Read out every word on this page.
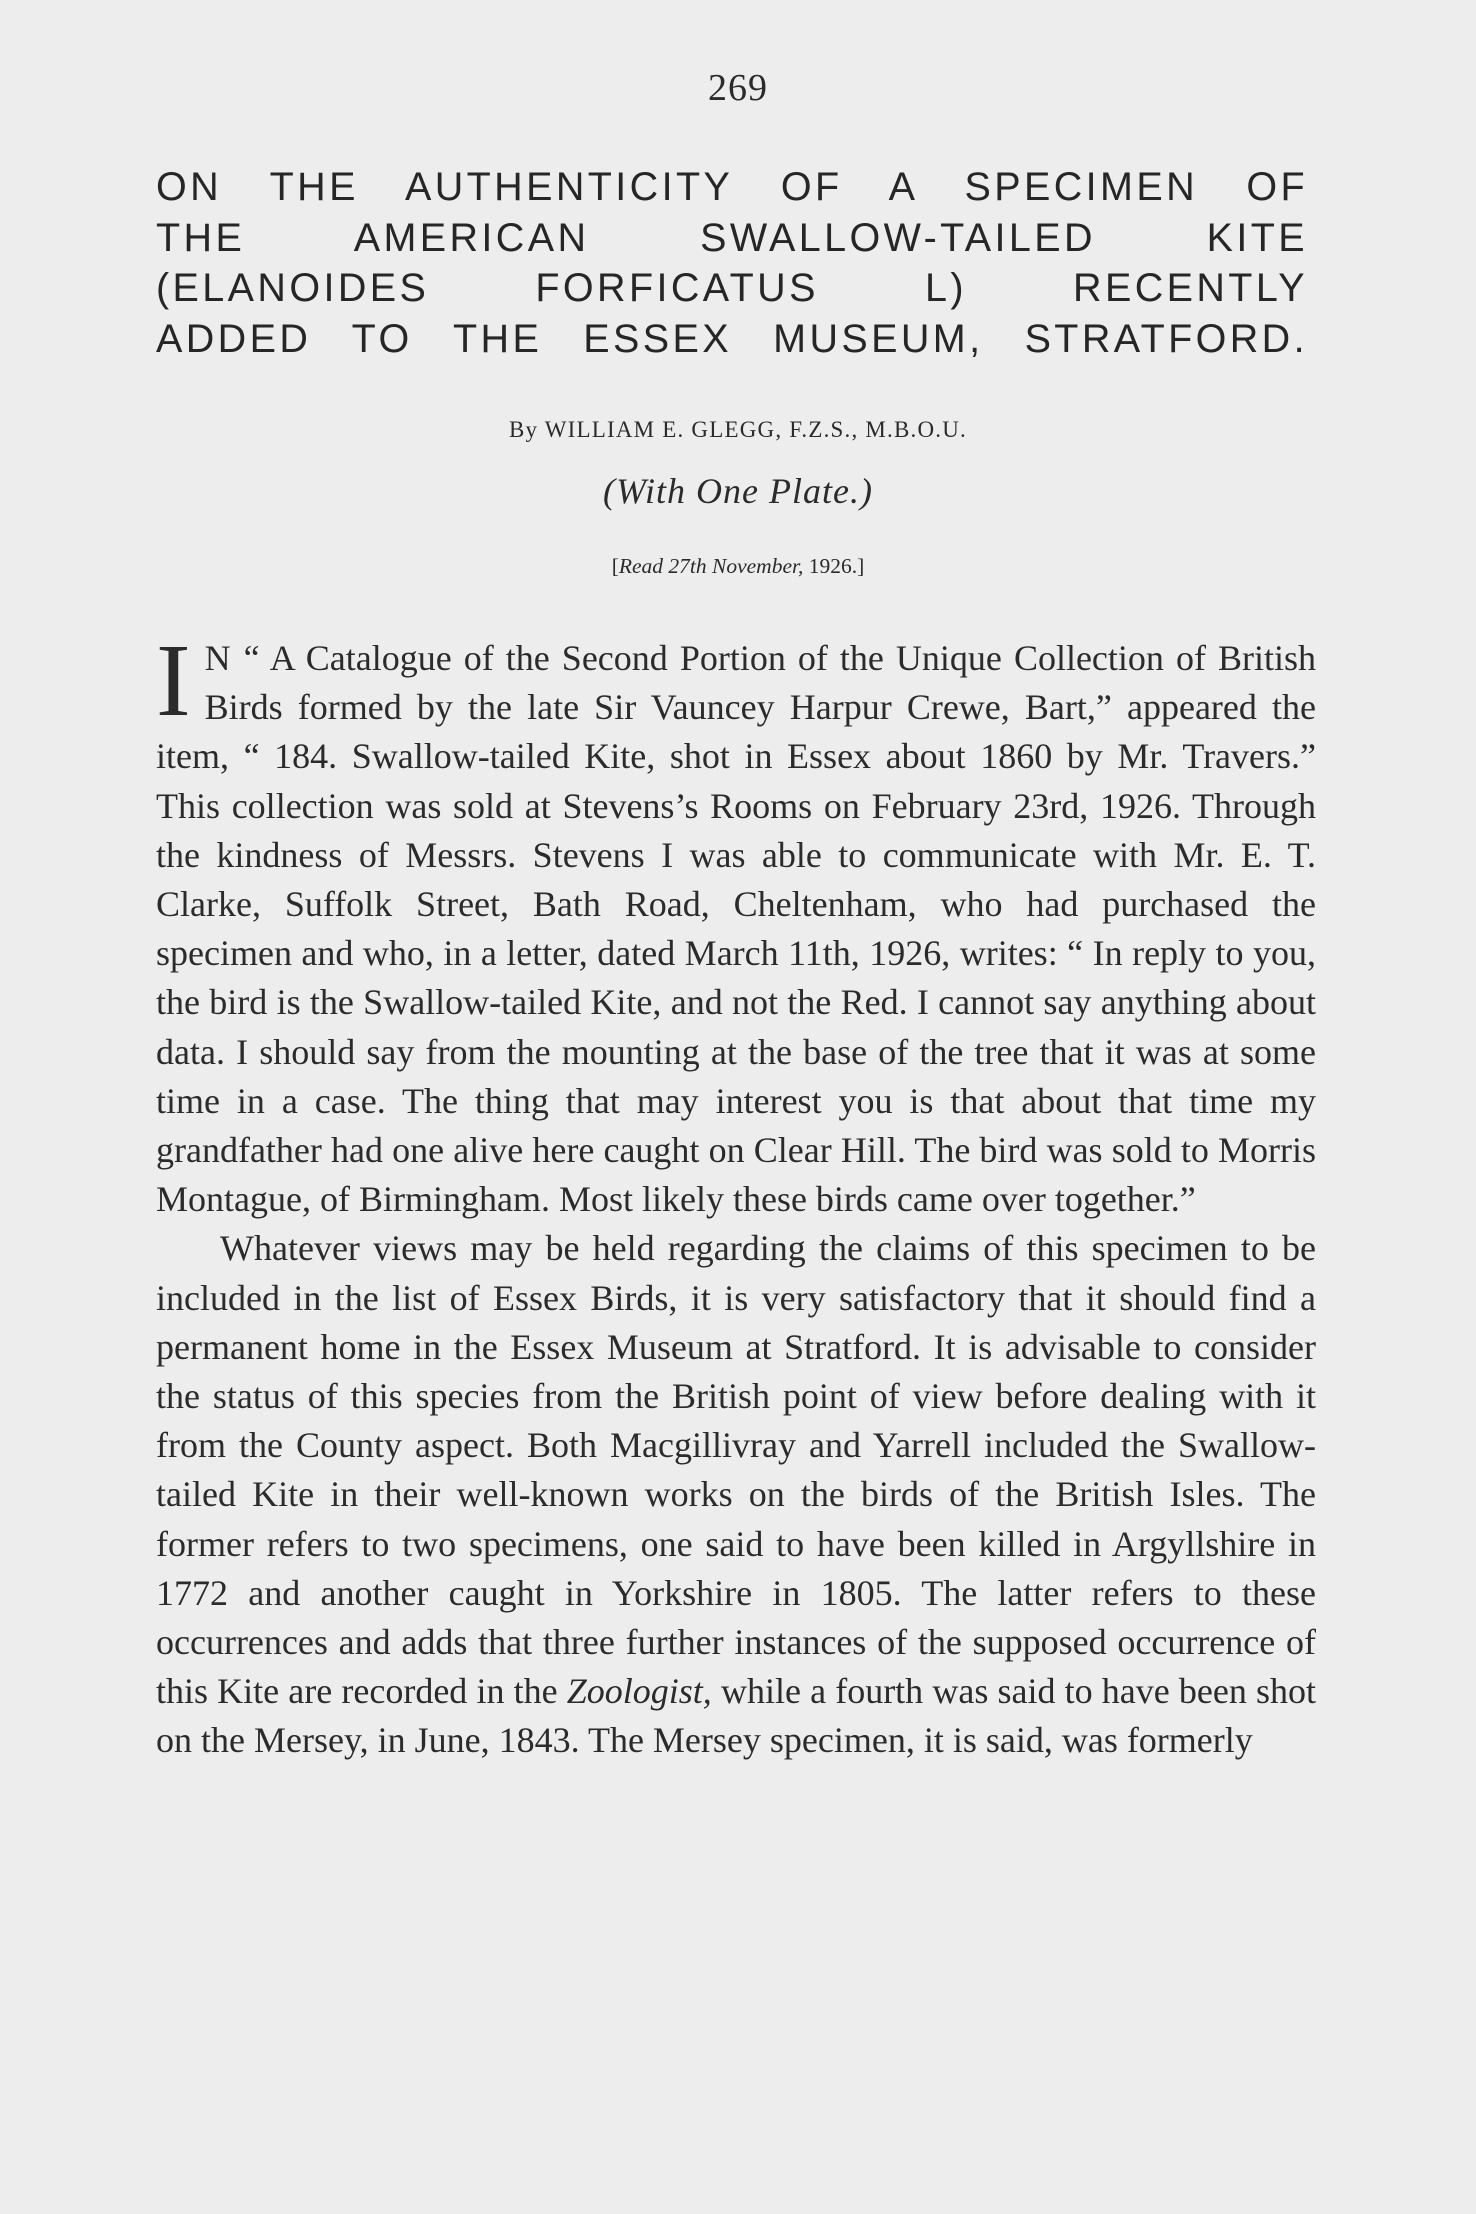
269
ON THE AUTHENTICITY OF A SPECIMEN OF
THE AMERICAN SWALLOW-TAILED KITE
(ELANOIDES FORFICATUS L) RECENTLY
ADDED TO THE ESSEX MUSEUM, STRATFORD.
By WILLIAM E. GLEGG, F.Z.S., M.B.O.U.
(With One Plate.)
[Read 27th November, 1926.]

I N “ A Catalogue of the Second Portion of the Unique Collection of British Birds formed by the late Sir Vauncey Harpur Crewe, Bart,” appeared the item, “ 184. Swallow-tailed Kite, shot in Essex about 1860 by Mr. Travers.” This collection was sold at Stevens’s Rooms on February 23rd, 1926. Through the kindness of Messrs. Stevens I was able to communicate with Mr. E. T. Clarke, Suffolk Street, Bath Road, Cheltenham, who had purchased the specimen and who, in a letter, dated March 11th, 1926, writes: “ In reply to you, the bird is the Swallow-tailed Kite, and not the Red. I cannot say anything about data. I should say from the mounting at the base of the tree that it was at some time in a case. The thing that may interest you is that about that time my grandfather had one alive here caught on Clear Hill. The bird was sold to Morris Montague, of Birmingham. Most likely these birds came over together.”

Whatever views may be held regarding the claims of this specimen to be included in the list of Essex Birds, it is very satisfactory that it should find a permanent home in the Essex Museum at Stratford. It is advisable to consider the status of this species from the British point of view before dealing with it from the County aspect. Both Macgillivray and Yarrell included the Swallow-tailed Kite in their well-known works on the birds of the British Isles. The former refers to two specimens, one said to have been killed in Argyllshire in 1772 and another caught in Yorkshire in 1805. The latter refers to these occurrences and adds that three further instances of the supposed occurrence of this Kite are recorded in the Zoologist, while a fourth was said to have been shot on the Mersey, in June, 1843. The Mersey specimen, it is said, was formerly
